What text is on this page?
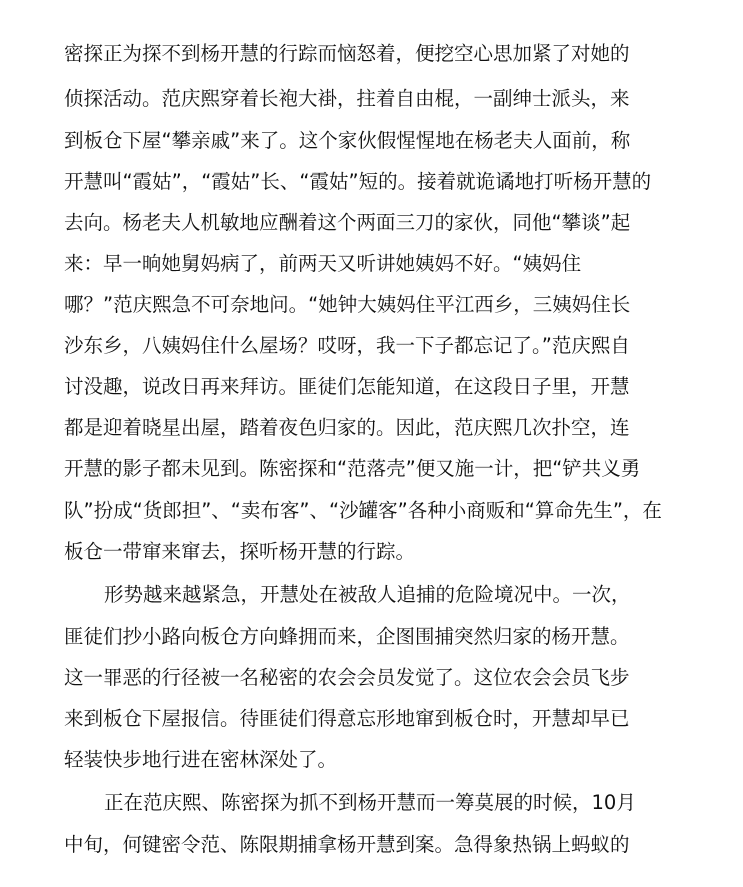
密探正为探不到杨开慧的行踪而恼怒着，便挖空心思加紧了对她的
侦探活动。范庆熙穿着长袍大褂，拄着自由棍，一副绅士派头，来
到板仓下屋“攀亲戚”来了。这个家伙假惺惺地在杨老夫人面前，称
开慧叫“霞姑”，“霞姑”长、“霞姑”短的。接着就诡谲地打听杨开慧的
去向。杨老夫人机敏地应酬着这个两面三刀的家伙，同他“攀谈”起
来：早一晌她舅妈病了，前两天又听讲她姨妈不好。“姨妈住
哪？”范庆熙急不可奈地问。“她钟大姨妈住平江西乡，三姨妈住长
沙东乡，八姨妈住什么屋场？哎呀，我一下子都忘记了。”范庆熙自
讨没趣，说改日再来拜访。匪徒们怎能知道，在这段日子里，开慧
都是迎着晓星出屋，踏着夜色归家的。因此，范庆熙几次扑空，连
开慧的影子都未见到。陈密探和“范落壳”便又施一计，把“铲共义勇
队”扮成“货郎担”、“卖布客”、“沙罐客”各种小商贩和“算命先生”，在
板仓一带窜来窜去，探听杨开慧的行踪。
形势越来越紧急，开慧处在被敌人追捕的危险境况中。一次，
匪徒们抄小路向板仓方向蜂拥而来，企图围捕突然归家的杨开慧。
这一罪恶的行径被一名秘密的农会会员发觉了。这位农会会员飞步
来到板仓下屋报信。待匪徒们得意忘形地窜到板仓时，开慧却早已
轻装快步地行进在密林深处了。
正在范庆熙、陈密探为抓不到杨开慧而一筹莫展的时候，10月
中旬，何键密令范、陈限期捕拿杨开慧到案。急得象热锅上蚂蚁的
